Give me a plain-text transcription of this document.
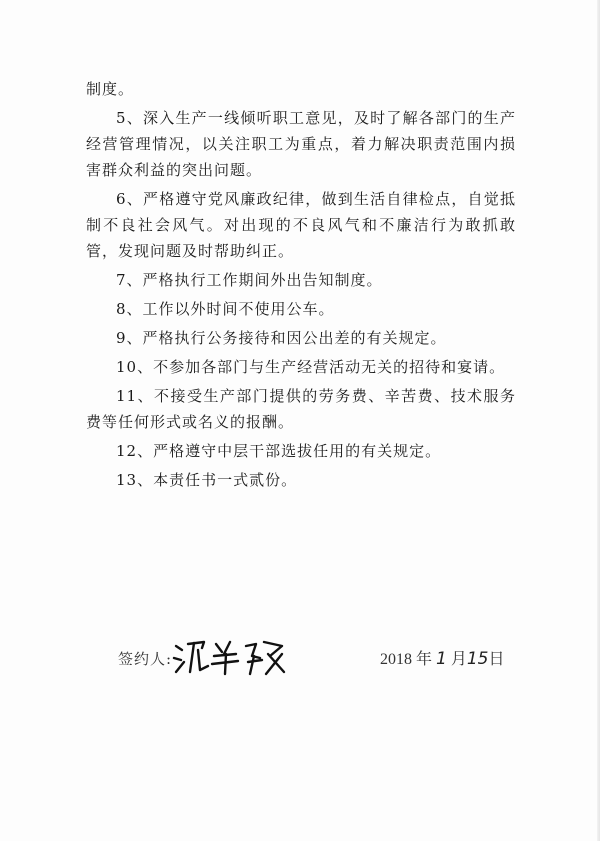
制度。

5、深入生产一线倾听职工意见，及时了解各部门的生产经营管理情况，以关注职工为重点，着力解决职责范围内损害群众利益的突出问题。

6、严格遵守党风廉政纪律，做到生活自律检点，自觉抵制不良社会风气。对出现的不良风气和不廉洁行为敢抓敢管，发现问题及时帮助纠正。

7、严格执行工作期间外出告知制度。

8、工作以外时间不使用公车。

9、严格执行公务接待和因公出差的有关规定。

10、不参加各部门与生产经营活动无关的招待和宴请。

11、不接受生产部门提供的劳务费、辛苦费、技术服务费等任何形式或名义的报酬。

12、严格遵守中层干部选拔任用的有关规定。

13、本责任书一式贰份。

签约人:	2018 年 1 月15日
